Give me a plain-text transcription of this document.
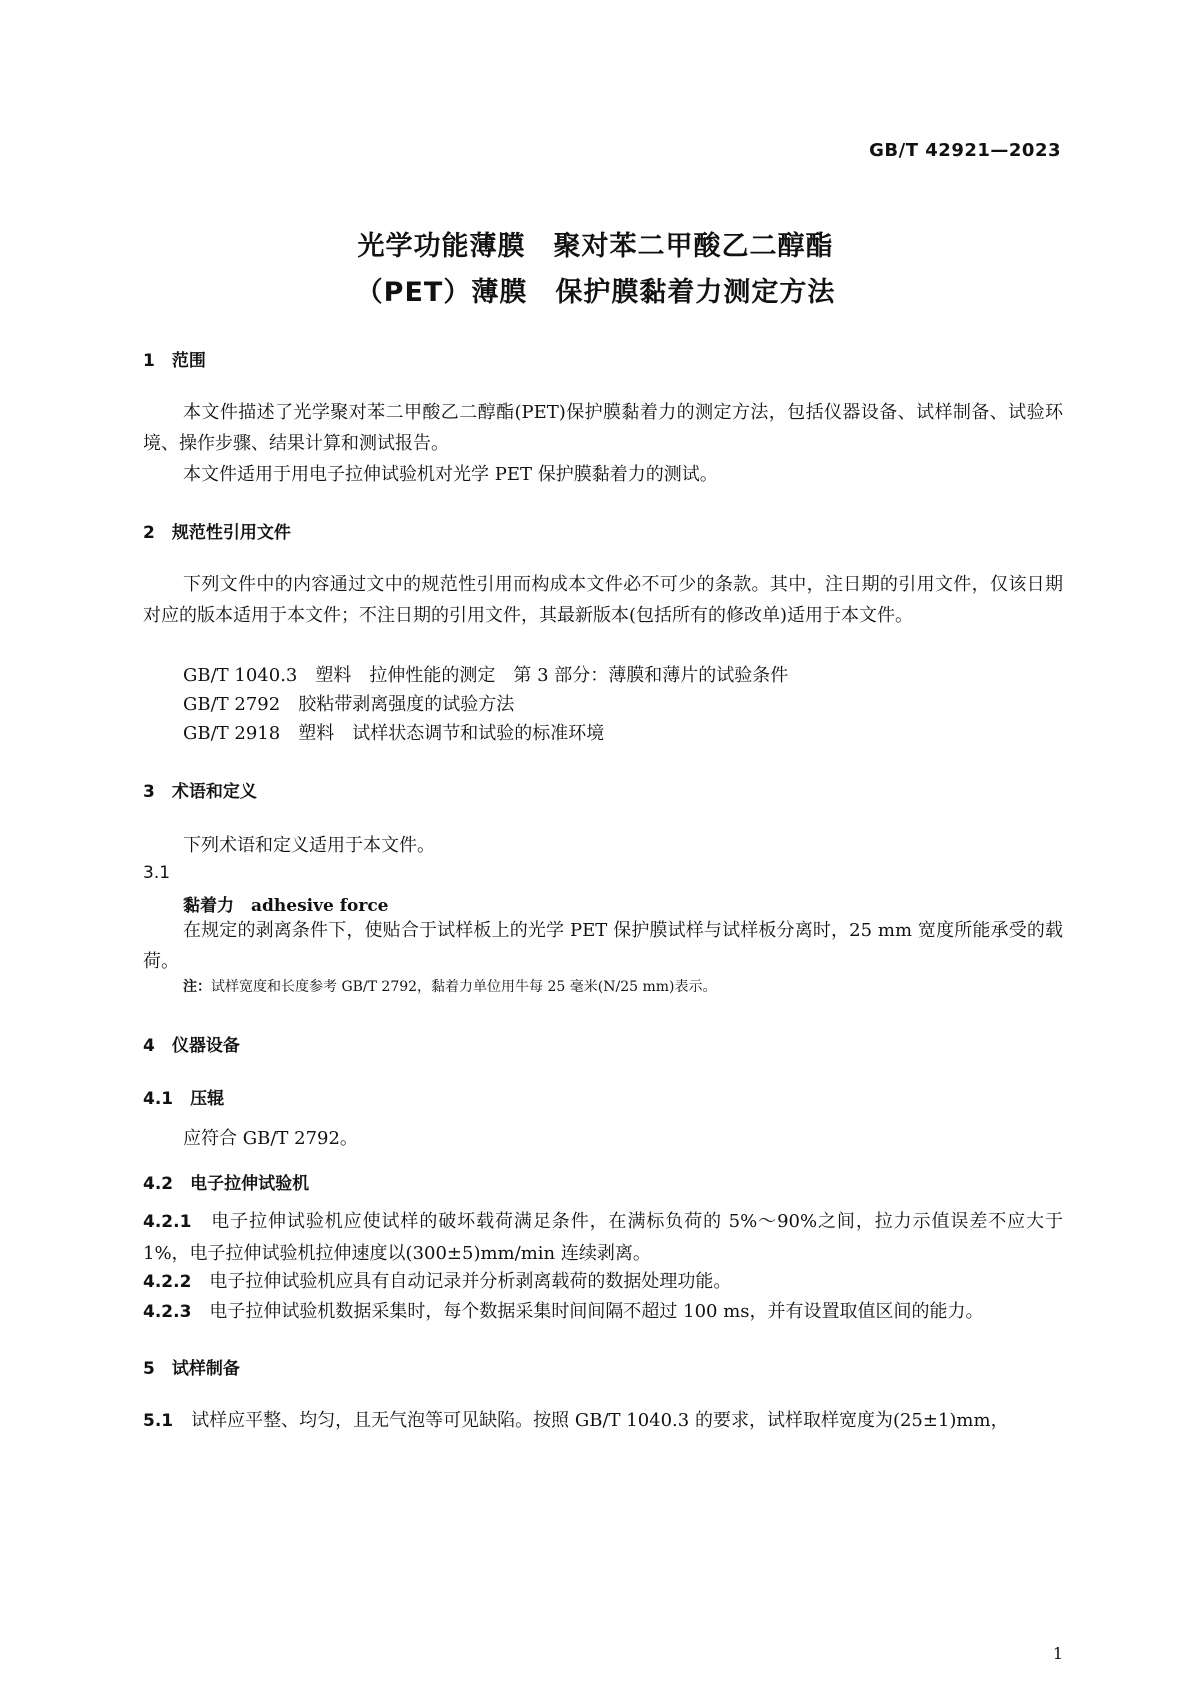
GB/T 42921—2023
光学功能薄膜　聚对苯二甲酸乙二醇酯
（PET）薄膜　保护膜黏着力测定方法
1　范围
本文件描述了光学聚对苯二甲酸乙二醇酯(PET)保护膜黏着力的测定方法，包括仪器设备、试样制备、试验环境、操作步骤、结果计算和测试报告。
本文件适用于用电子拉伸试验机对光学 PET 保护膜黏着力的测试。
2　规范性引用文件
下列文件中的内容通过文中的规范性引用而构成本文件必不可少的条款。其中，注日期的引用文件，仅该日期对应的版本适用于本文件；不注日期的引用文件，其最新版本(包括所有的修改单)适用于本文件。
GB/T 1040.3　塑料　拉伸性能的测定　第 3 部分：薄膜和薄片的试验条件
GB/T 2792　胶粘带剥离强度的试验方法
GB/T 2918　塑料　试样状态调节和试验的标准环境
3　术语和定义
下列术语和定义适用于本文件。
3.1
黏着力　adhesive force
在规定的剥离条件下，使贴合于试样板上的光学 PET 保护膜试样与试样板分离时，25 mm 宽度所能承受的载荷。
注：试样宽度和长度参考 GB/T 2792，黏着力单位用牛每 25 毫米(N/25 mm)表示。
4　仪器设备
4.1　压辊
应符合 GB/T 2792。
4.2　电子拉伸试验机
4.2.1　 电子拉伸试验机应使试样的破坏载荷满足条件，在满标负荷的 5%～90%之间，拉力示值误差不应大于 1%，电子拉伸试验机拉伸速度以(300±5)mm/min 连续剥离。
4.2.2　 电子拉伸试验机应具有自动记录并分析剥离载荷的数据处理功能。
4.2.3　 电子拉伸试验机数据采集时，每个数据采集时间间隔不超过 100 ms，并有设置取值区间的能力。
5　试样制备
5.1　 试样应平整、均匀，且无气泡等可见缺陷。按照 GB/T 1040.3 的要求，试样取样宽度为(25±1)mm，
1
